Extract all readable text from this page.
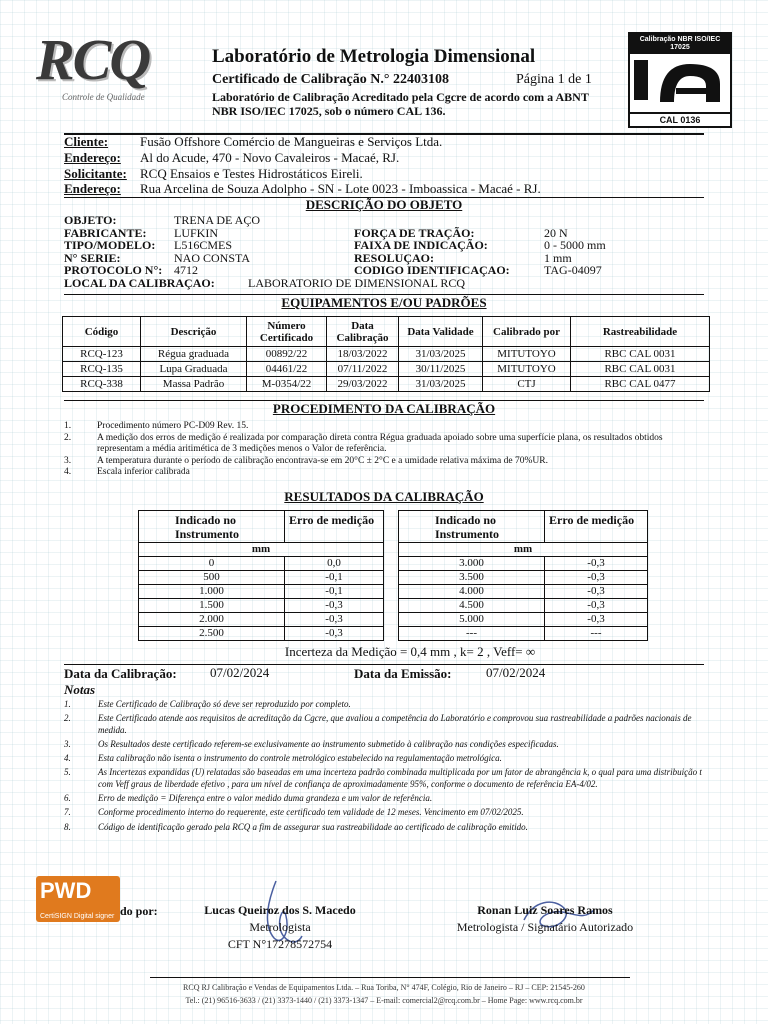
RCQ
Controle de Qualidade
Laboratório de Metrologia Dimensional
Certificado de Calibração N.° 22403108	Página 1 de 1
Laboratório de Calibração Acreditado pela Cgcre de acordo com a ABNT NBR ISO/IEC 17025, sob o número CAL 136.
Calibração NBR ISO/IEC 17025
CAL 0136
Cliente:	Fusão Offshore Comércio de Mangueiras e Serviços Ltda.
Endereço:	Al do Acude, 470 - Novo Cavaleiros - Macaé, RJ.
Solicitante:	RCQ Ensaios e Testes Hidrostáticos Eireli.
Endereço:	Rua Arcelina de Souza Adolpho - SN - Lote 0023 - Imboassica - Macaé - RJ.
DESCRIÇÃO DO OBJETO
OBJETO:	TRENA DE AÇO
FABRICANTE: LUFKIN
TIPO/MODELO: L516CMES
N° SERIE:	NAO CONSTA
PROTOCOLO N°: 4712
LOCAL DA CALIBRAÇAO:	LABORATORIO DE DIMENSIONAL RCQ
FORÇA DE TRAÇÃO:	20 N
FAIXA DE INDICAÇÃO:	0 - 5000 mm
RESOLUÇAO:	1 mm
CODIGO IDENTIFICAÇAO:	TAG-04097
EQUIPAMENTOS E/OU PADRÕES
Código	Descrição	Número Certificado	Data Calibração	Data Validade	Calibrado por	Rastreabilidade
RCQ-123	Régua graduada	00892/22	18/03/2022	31/03/2025	MITUTOYO	RBC CAL 0031
RCQ-135	Lupa Graduada	04461/22	07/11/2022	30/11/2025	MITUTOYO	RBC CAL 0031
RCQ-338	Massa Padrão	M-0354/22	29/03/2022	31/03/2025	CTJ	RBC CAL 0477
PROCEDIMENTO DA CALIBRAÇÃO
1.	Procedimento número PC-D09 Rev. 15.
2.	A medição dos erros de medição é realizada por comparação direta contra Régua graduada apoiado sobre uma superfície plana, os resultados obtidos representam a média aritimética de 3 medições menos o Valor de referência.
3.	A temperatura durante o período de calibração encontrava-se em 20°C ± 2°C e a umidade relativa máxima de 70%UR.
4.	Escala inferior calibrada
RESULTADOS DA CALIBRAÇÃO
Indicado no Instrumento	Erro de medição
mm	
0	0,0
500	-0,1
1.000	-0,1
1.500	-0,3
2.000	-0,3
2.500	-0,3
Indicado no Instrumento	Erro de medição
mm	
3.000	-0,3
3.500	-0,3
4.000	-0,3
4.500	-0,3
5.000	-0,3
---	---
Incerteza da Medição = 0,4 mm , k= 2 , Veff= ∞
Data da Calibração:	07/02/2024	Data da Emissão:	07/02/2024
Notas
1.	Este Certificado de Calibração só deve ser reproduzido por completo.
2.	Este Certificado atende aos requisitos de acreditação da Cgcre, que avaliou a competência do Laboratório e comprovou sua rastreabilidade a padrões nacionais de medida.
3.	Os Resultados deste certificado referem-se exclusivamente ao instrumento submetido à calibração nas condições especificadas.
4.	Esta calibração não isenta o instrumento do controle metrológico estabelecido na regulamentação metrológica.
5.	As Incertezas expandidas (U) relatadas são baseadas em uma incerteza padrão combinada multiplicada por um fator de abrangência k, o qual para uma distribuição t com Veff graus de liberdade efetivo , para um nível de confiança de aproximadamente 95%, conforme o documento de referência EA-4/02.
6.	Erro de medição = Diferença entre o valor medido duma grandeza e um valor de referência.
7.	Conforme procedimento interno do requerente, este certificado tem validade de 12 meses. Vencimento em 07/02/2025.
8.	Código de identificação gerado pela RCQ a fim de assegurar sua rastreabilidade ao certificado de calibração emitido.
PWD
CertiSIGN Digital signer do por:	Lucas Queiroz dos S. Macedo
Metrologista
CFT N°17278572754
Ronan Luiz Soares Ramos
Metrologista / Signatário Autorizado
RCQ RJ Calibração e Vendas de Equipamentos Ltda. – Rua Toriba, N° 474F, Colégio, Rio de Janeiro – RJ – CEP: 21545-260
Tel.: (21) 96516-3633 / (21) 3373-1440 / (21) 3373-1347 – E-mail: comercial2@rcq.com.br – Home Page: www.rcq.com.br
